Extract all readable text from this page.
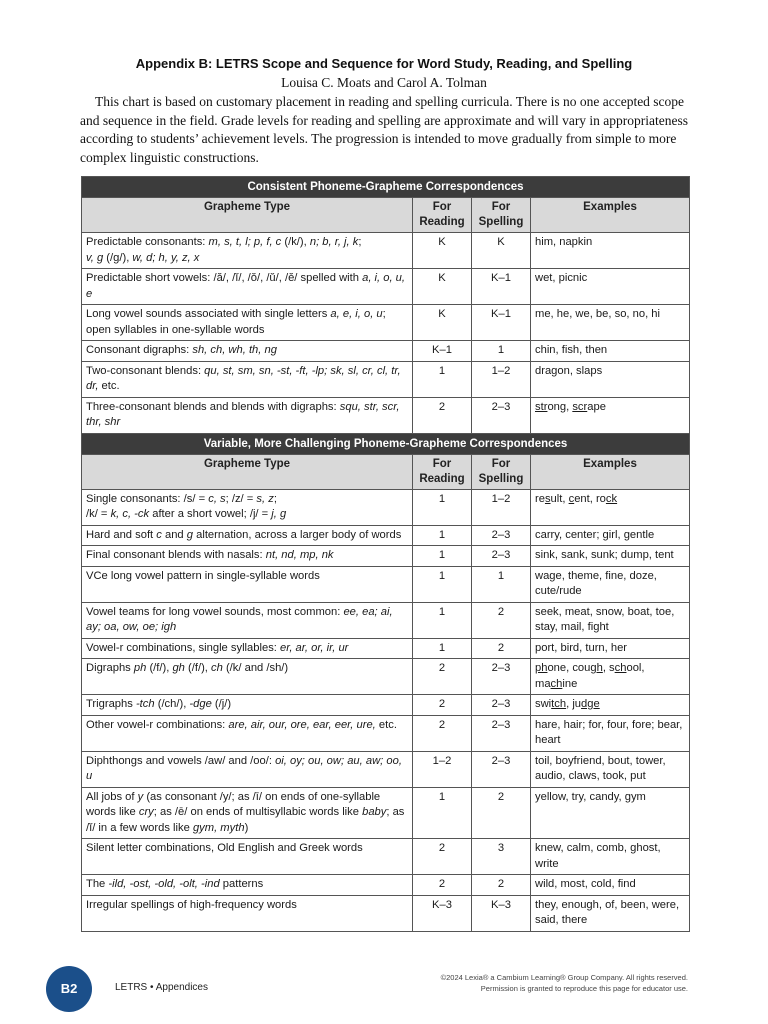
Appendix B: LETRS Scope and Sequence for Word Study, Reading, and Spelling
Louisa C. Moats and Carol A. Tolman

This chart is based on customary placement in reading and spelling curricula. There is no one accepted scope and sequence in the field. Grade levels for reading and spelling are approximate and will vary in appropriateness according to students’ achievement levels. The progression is intended to move gradually from simple to more complex linguistic constructions.

Consistent Phoneme-Grapheme Correspondences			
Grapheme Type	For Reading	For Spelling	Examples
Predictable consonants: m, s, t, l; p, f, c (/k/), n; b, r, j, k;
v, g (/g/), w, d; h, y, z, x	K	K	him, napkin
Predictable short vowels: /ă/, /ĭ/, /ŏ/, /ŭ/, /ĕ/ spelled with a, i, o, u, e	K	K–1	wet, picnic
Long vowel sounds associated with single letters a, e, i, o, u; open syllables in one-syllable words	K	K–1	me, he, we, be, so, no, hi
Consonant digraphs: sh, ch, wh, th, ng	K–1	1	chin, fish, then
Two-consonant blends: qu, st, sm, sn, -st, -ft, -lp; sk, sl, cr, cl, tr, dr, etc.	1	1–2	dragon, slaps
Three-consonant blends and blends with digraphs: squ, str, scr, thr, shr	2	2–3	strong, scrape
Variable, More Challenging Phoneme-Grapheme Correspondences			
Grapheme Type	For Reading	For Spelling	Examples
Single consonants: /s/ = c, s; /z/ = s, z;
/k/ = k, c, -ck after a short vowel; /j/ = j, g	1	1–2	result, cent, rock
Hard and soft c and g alternation, across a larger body of words	1	2–3	carry, center; girl, gentle
Final consonant blends with nasals: nt, nd, mp, nk	1	2–3	sink, sank, sunk; dump, tent
VCe long vowel pattern in single-syllable words	1	1	wage, theme, fine, doze, cute/rude
Vowel teams for long vowel sounds, most common: ee, ea; ai, ay; oa, ow, oe; igh	1	2	seek, meat, snow, boat, toe, stay, mail, fight
Vowel-r combinations, single syllables: er, ar, or, ir, ur	1	2	port, bird, turn, her
Digraphs ph (/f/), gh (/f/), ch (/k/ and /sh/)	2	2–3	phone, cough, school, machine
Trigraphs -tch (/ch/), -dge (/j/)	2	2–3	switch, judge
Other vowel-r combinations: are, air, our, ore, ear, eer, ure, etc.	2	2–3	hare, hair; for, four, fore; bear, heart
Diphthongs and vowels /aw/ and /oo/: oi, oy; ou, ow; au, aw; oo, u	1–2	2–3	toil, boyfriend, bout, tower, audio, claws, took, put
All jobs of y (as consonant /y/; as /ī/ on ends of one-syllable words like cry; as /ē/ on ends of multisyllabic words like baby; as /ĭ/ in a few words like gym, myth)	1	2	yellow, try, candy, gym
Silent letter combinations, Old English and Greek words	2	3	knew, calm, comb, ghost, write
The -ild, -ost, -old, -olt, -ind patterns	2	2	wild, most, cold, find
Irregular spellings of high-frequency words	K–3	K–3	they, enough, of, been, were, said, there
B2	LETRS • Appendices
©2024 Lexia® a Cambium Learning® Group Company. All rights reserved.
Permission is granted to reproduce this page for educator use.
